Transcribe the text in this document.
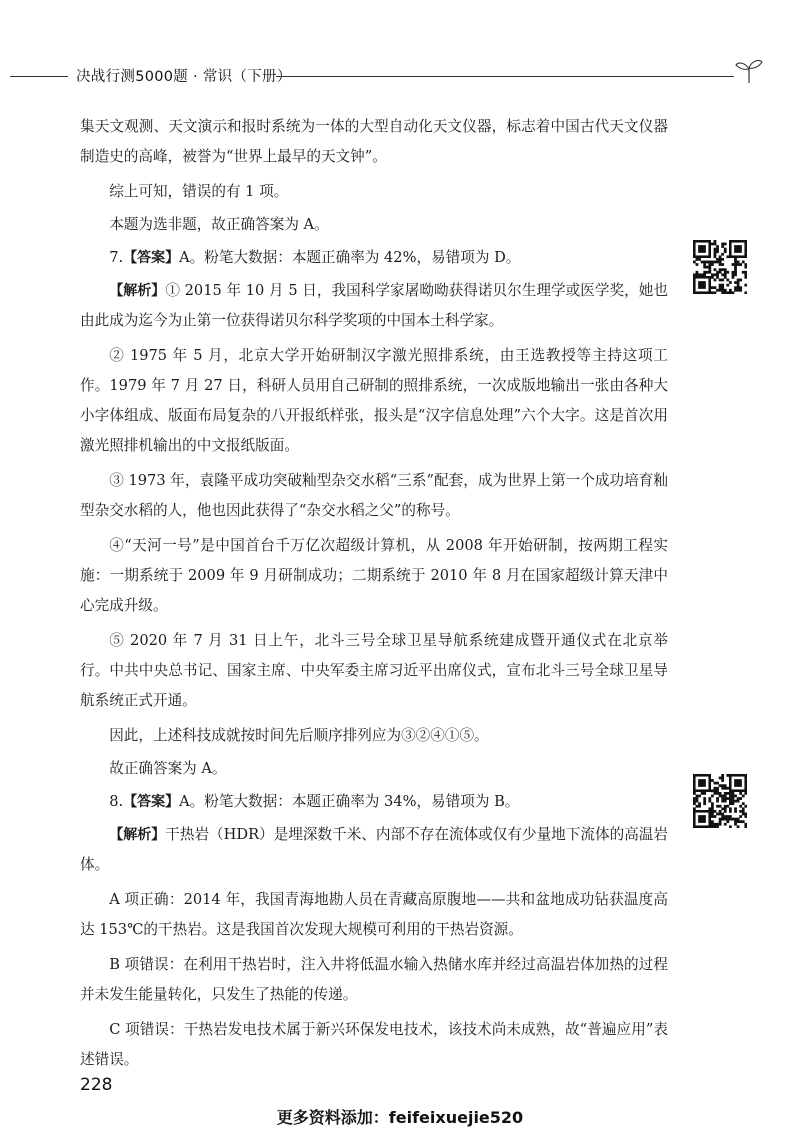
决战行测5000题 · 常识（下册）

集天文观测、天文演示和报时系统为一体的大型自动化天文仪器，标志着中国古代天文仪器制造史的高峰，被誉为“世界上最早的天文钟”。

综上可知，错误的有 1 项。

本题为选非题，故正确答案为 A。

7.【答案】A。粉笔大数据：本题正确率为 42%，易错项为 D。

【解析】① 2015 年 10 月 5 日，我国科学家屠呦呦获得诺贝尔生理学或医学奖，她也由此成为迄今为止第一位获得诺贝尔科学奖项的中国本土科学家。

② 1975 年 5 月，北京大学开始研制汉字激光照排系统，由王选教授等主持这项工作。1979 年 7 月 27 日，科研人员用自己研制的照排系统，一次成版地输出一张由各种大小字体组成、版面布局复杂的八开报纸样张，报头是“汉字信息处理”六个大字。这是首次用激光照排机输出的中文报纸版面。

③ 1973 年，袁隆平成功突破籼型杂交水稻“三系”配套，成为世界上第一个成功培育籼型杂交水稻的人，他也因此获得了“杂交水稻之父”的称号。

④“天河一号”是中国首台千万亿次超级计算机，从 2008 年开始研制，按两期工程实施：一期系统于 2009 年 9 月研制成功；二期系统于 2010 年 8 月在国家超级计算天津中心完成升级。

⑤ 2020 年 7 月 31 日上午，北斗三号全球卫星导航系统建成暨开通仪式在北京举行。中共中央总书记、国家主席、中央军委主席习近平出席仪式，宣布北斗三号全球卫星导航系统正式开通。

因此，上述科技成就按时间先后顺序排列应为③②④①⑤。

故正确答案为 A。

8.【答案】A。粉笔大数据：本题正确率为 34%，易错项为 B。

【解析】干热岩（HDR）是埋深数千米、内部不存在流体或仅有少量地下流体的高温岩体。

A 项正确：2014 年，我国青海地勘人员在青藏高原腹地——共和盆地成功钻获温度高达 153℃的干热岩。这是我国首次发现大规模可利用的干热岩资源。

B 项错误：在利用干热岩时，注入井将低温水输入热储水库并经过高温岩体加热的过程并未发生能量转化，只发生了热能的传递。

C 项错误：干热岩发电技术属于新兴环保发电技术，该技术尚未成熟，故“普遍应用”表述错误。

228
更多资料添加：feifeixuejie520
